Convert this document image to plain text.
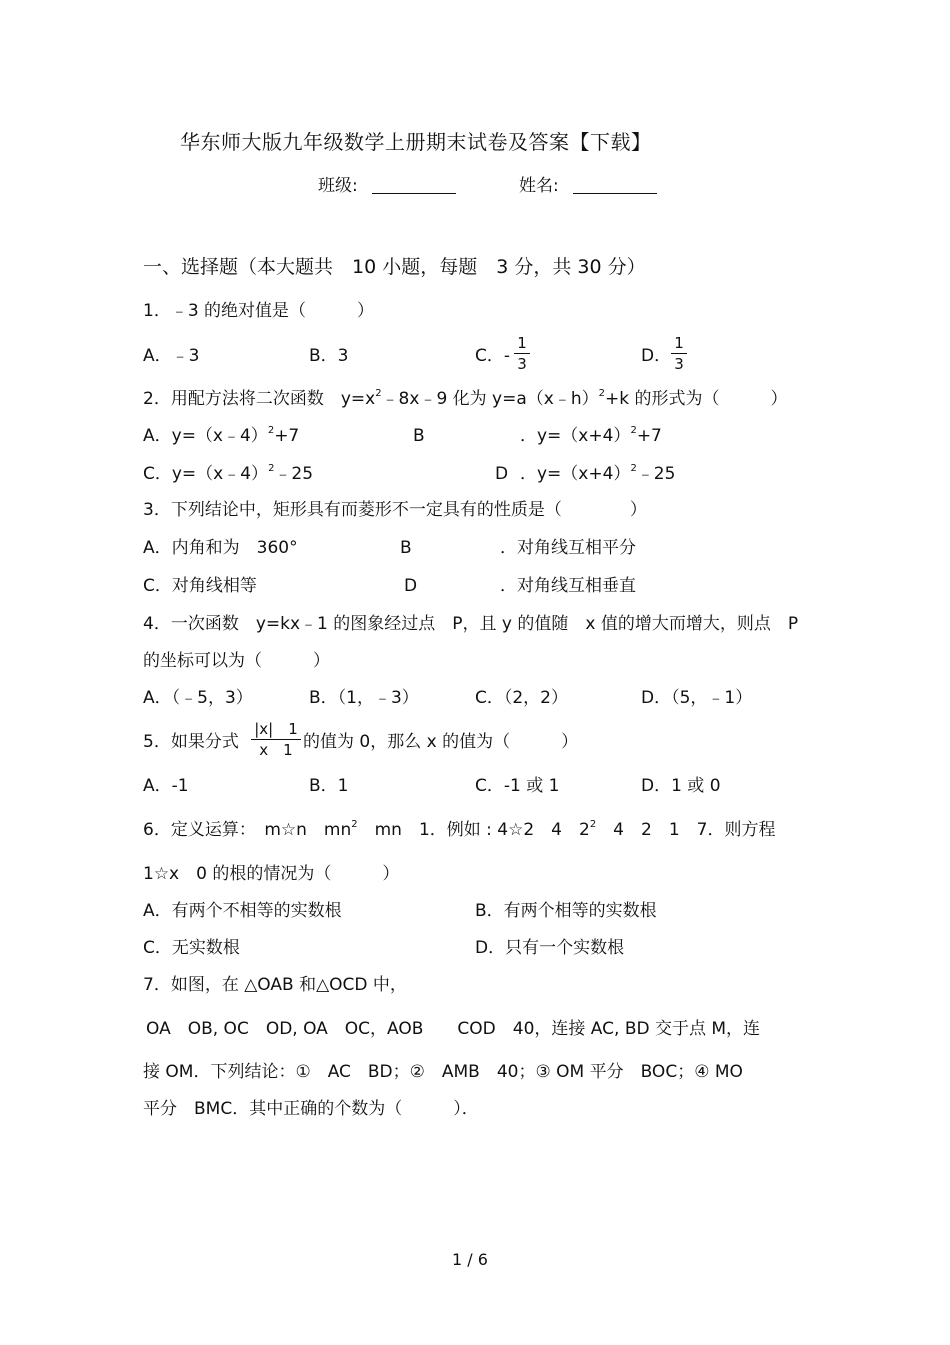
华东师大版九年级数学上册期末试卷及答案【下载】
班级:	姓名:
一、选择题（本大题共　10 小题，每题　3 分，共 30 分）
1．﹣3 的绝对值是（　　　）
A．﹣3	B．3	C．-
1
3	D．
1
3
2．用配方法将二次函数　$y=x^2﹣8x﹣9$ 化为 y=a（x﹣h）$^2$+k 的形式为（　　　）
A．y=（x﹣4）$^2$+7	B	．$y=(x+4)^2+7$
C．y=（x﹣4）$^2$﹣25	D ．$y=(x+4)^2﹣25$
3．下列结论中，矩形具有而菱形不一定具有的性质是（　　　　）
A．内角和为　360°	B	．对角线互相平分
C．对角线相等	D	．对角线互相垂直
4．一次函数　y=kx﹣1 的图象经过点　P，且 y 的值随　x 值的增大而增大，则点　P
的坐标可以为（　　　）
A．（﹣5，3）	B．（1，﹣3）	C．（2，2）	D．（5，﹣1）
5．如果分式
|x|　1
x　1 的值为 0，那么 x 的值为（　　　）
A．-1	B．1	C．-1 或 1	D．1 或 0
6．定义运算：　m☆n　$mn^2$　mn　1．例如 : 4☆2　4　$2^2$　4　2　1　7．则方程
1☆x　0 的根的情况为（　　　）
A．有两个不相等的实数根	B．有两个相等的实数根
C．无实数根	D．只有一个实数根
7．如图，在 △OAB 和△OCD 中，
OA　OB, OC　OD, OA　OC，AOB　　COD　40，连接 AC, BD 交于点 M，连
接 OM．下列结论：①　AC　BD；②　AMB　40；③ OM 平分　BOC；④ MO
平分　BMC．其中正确的个数为（　　　）．
1 / 6
